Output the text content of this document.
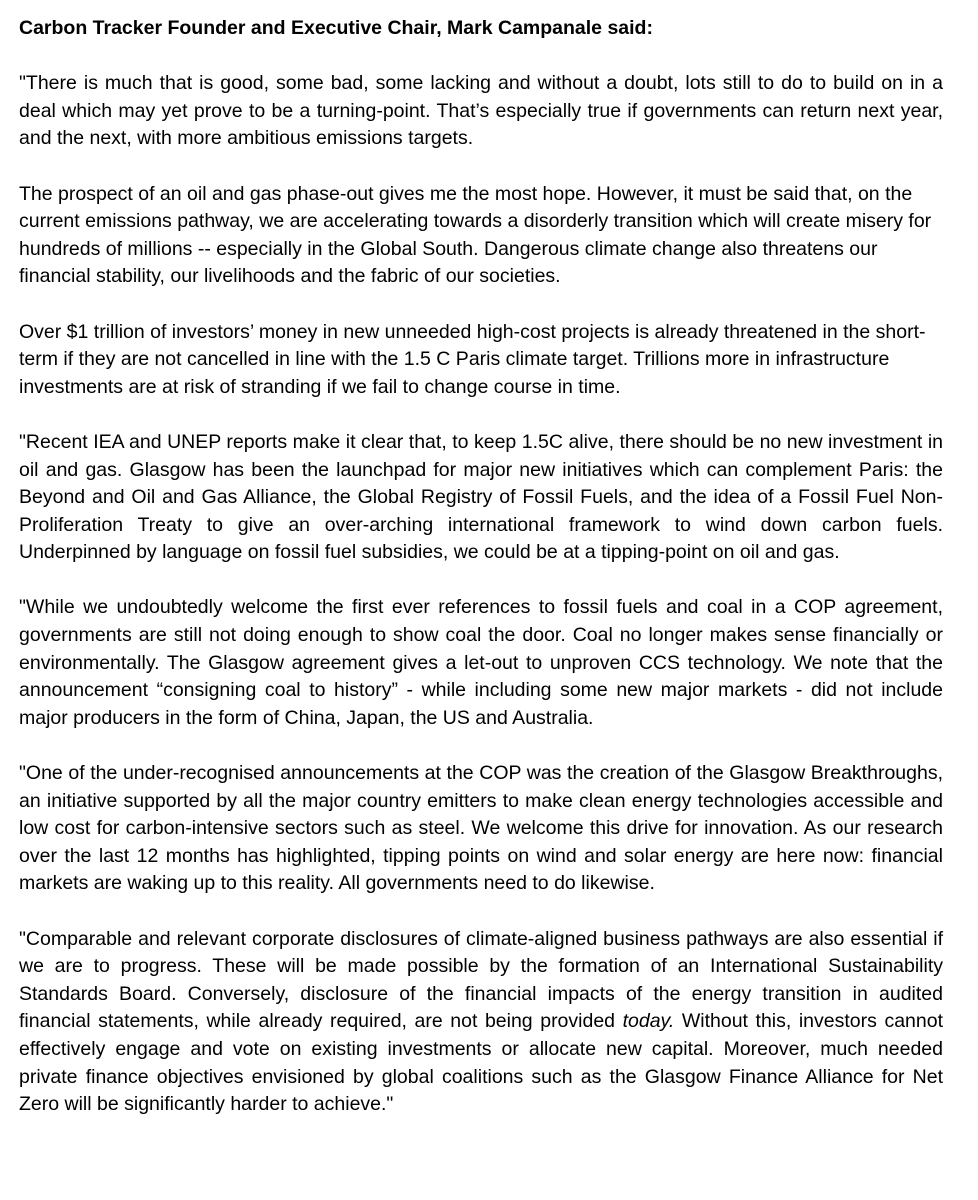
Carbon Tracker Founder and Executive Chair, Mark Campanale said:

"There is much that is good, some bad, some lacking and without a doubt, lots still to do to build on in a deal which may yet prove to be a turning-point. That’s especially true if governments can return next year, and the next, with more ambitious emissions targets.

The prospect of an oil and gas phase-out gives me the most hope. However, it must be said that, on the current emissions pathway, we are accelerating towards a disorderly transition which will create misery for hundreds of millions -- especially in the Global South. Dangerous climate change also threatens our financial stability, our livelihoods and the fabric of our societies.

Over $1 trillion of investors’ money in new unneeded high-cost projects is already threatened in the short-term if they are not cancelled in line with the 1.5 C Paris climate target. Trillions more in infrastructure investments are at risk of stranding if we fail to change course in time.

"Recent IEA and UNEP reports make it clear that, to keep 1.5C alive, there should be no new investment in oil and gas. Glasgow has been the launchpad for major new initiatives which can complement Paris: the Beyond and Oil and Gas Alliance, the Global Registry of Fossil Fuels, and the idea of a Fossil Fuel Non-Proliferation Treaty to give an over-arching international framework to wind down carbon fuels. Underpinned by language on fossil fuel subsidies, we could be at a tipping-point on oil and gas.

"While we undoubtedly welcome the first ever references to fossil fuels and coal in a COP agreement, governments are still not doing enough to show coal the door. Coal no longer makes sense financially or environmentally. The Glasgow agreement gives a let-out to unproven CCS technology. We note that the announcement “consigning coal to history” - while including some new major markets - did not include major producers in the form of China, Japan, the US and Australia.

"One of the under-recognised announcements at the COP was the creation of the Glasgow Breakthroughs, an initiative supported by all the major country emitters to make clean energy technologies accessible and low cost for carbon-intensive sectors such as steel. We welcome this drive for innovation. As our research over the last 12 months has highlighted, tipping points on wind and solar energy are here now: financial markets are waking up to this reality. All governments need to do likewise.

"Comparable and relevant corporate disclosures of climate-aligned business pathways are also essential if we are to progress. These will be made possible by the formation of an International Sustainability Standards Board. Conversely, disclosure of the financial impacts of the energy transition in audited financial statements, while already required, are not being provided today. Without this, investors cannot effectively engage and vote on existing investments or allocate new capital. Moreover, much needed private finance objectives envisioned by global coalitions such as the Glasgow Finance Alliance for Net Zero will be significantly harder to achieve."
